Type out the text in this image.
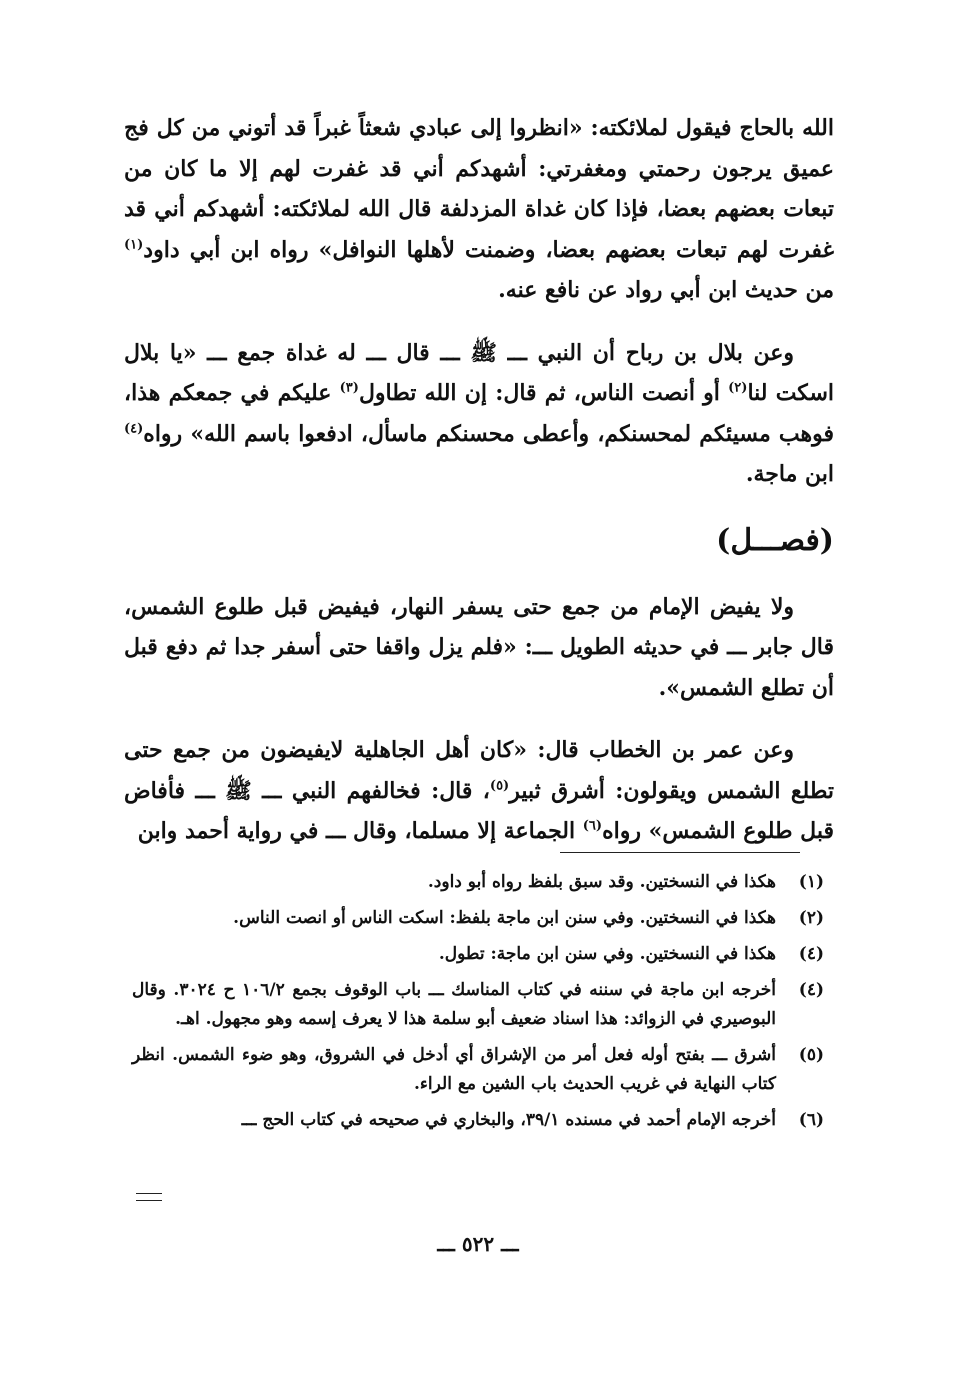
الله بالحاج فيقول لملائكته: «انظروا إلى عبادي شعثاً غبراً قد أتوني من كل فج عميق يرجون رحمتي ومغفرتي: أشهدكم أني قد غفرت لهم إلا ما كان من تبعات بعضهم بعضا، فإذا كان غداة المزدلفة قال الله لملائكته: أشهدكم أني قد غفرت لهم تبعات بعضهم بعضا، وضمنت لأهلها النوافل» رواه ابن أبي داود$^{(١)}$ من حديث ابن أبي رواد عن نافع عنه.

وعن بلال بن رباح أن النبي ـــ ﷺ ـــ قال ـــ له غداة جمع ـــ «يا بلال اسكت لنا$^{(٢)}$ أو أنصت الناس، ثم قال: إن الله تطاول$^{(٣)}$ عليكم في جمعكم هذا، فوهب مسيئكم لمحسنكم، وأعطى محسنكم ماسأل، ادفعوا باسم الله» رواه$^{(٤)}$ ابن ماجة.

(فصـــل)

ولا يفيض الإمام من جمع حتى يسفر النهار، فيفيض قبل طلوع الشمس، قال جابر ـــ في حديثه الطويل ـــ: «فلم يزل واقفا حتى أسفر جدا ثم دفع قبل أن تطلع الشمس».

وعن عمر بن الخطاب قال: «كان أهل الجاهلية لايفيضون من جمع حتى تطلع الشمس ويقولون: أشرق ثبير$^{(٥)}$، قال: فخالفهم النبي ـــ ﷺ ـــ فأفاض قبل طلوع الشمس» رواه$^{(٦)}$ الجماعة إلا مسلما، وقال ـــ في رواية أحمد وابن

(١)
هكذا في النسختين. وقد سبق بلفظ رواه أبو داود.
(٢)
هكذا في النسختين. وفي سنن ابن ماجة بلفظ: اسكت الناس أو انصت الناس.
(٤)
هكذا في النسختين. وفي سنن ابن ماجة: تطول.
(٤)
أخرجه ابن ماجة في سننه في كتاب المناسك ـــ باب الوقوف بجمع ١٠٦/٢ ح ٣٠٢٤. وقال البوصيري في الزوائد: هذا اسناد ضعيف أبو سلمة هذا لا يعرف إسمه وهو مجهول. اهـ.
(٥)
أشرق ـــ بفتح أوله فعل أمر من الإشراق أي أدخل في الشروق، وهو ضوء الشمس. انظر كتاب النهاية في غريب الحديث باب الشين مع الراء.
(٦)
أخرجه الإمام أحمد في مسنده ٣٩/١، والبخاري في صحيحه في كتاب الحج ـــ
ـــ ٥٢٢ ـــ
